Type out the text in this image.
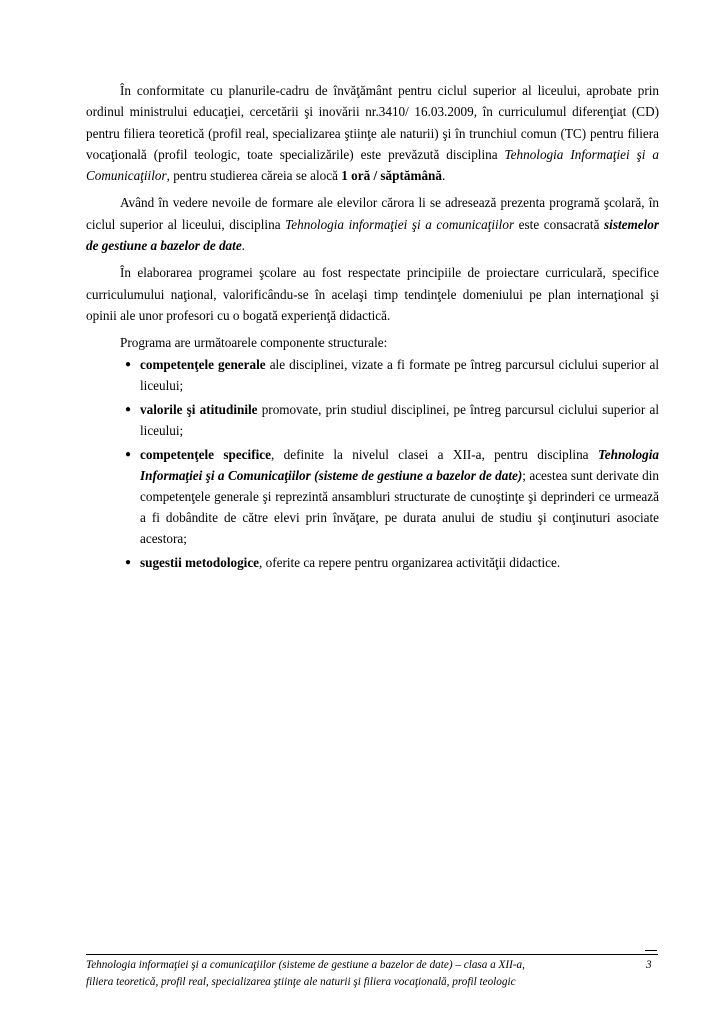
În conformitate cu planurile-cadru de învăţământ pentru ciclul superior al liceului, aprobate prin ordinul ministrului educaţiei, cercetării şi inovării nr.3410/ 16.03.2009, în curriculumul diferenţiat (CD) pentru filiera teoretică (profil real, specializarea ştiinţe ale naturii) şi în trunchiul comun (TC) pentru filiera vocaţională (profil teologic, toate specializările) este prevăzută disciplina Tehnologia Informaţiei şi a Comunicaţiilor, pentru studierea căreia se alocă 1 oră / săptămână.

Având în vedere nevoile de formare ale elevilor cărora li se adresează prezenta programă şcolară, în ciclul superior al liceului, disciplina Tehnologia informaţiei şi a comunicaţiilor este consacrată sistemelor de gestiune a bazelor de date.

În elaborarea programei şcolare au fost respectate principiile de proiectare curriculară, specifice curriculumului naţional, valorificându-se în acelaşi timp tendinţele domeniului pe plan internaţional şi opinii ale unor profesori cu o bogată experienţă didactică.

Programa are următoarele componente structurale:

● competenţele generale ale disciplinei, vizate a fi formate pe întreg parcursul ciclului superior al liceului;
● valorile şi atitudinile promovate, prin studiul disciplinei, pe întreg parcursul ciclului superior al liceului;
● competenţele specifice, definite la nivelul clasei a XII-a, pentru disciplina Tehnologia Informaţiei şi a Comunicaţiilor (sisteme de gestiune a bazelor de date); acestea sunt derivate din competenţele generale şi reprezintă ansambluri structurate de cunoştinţe şi deprinderi ce urmează a fi dobândite de către elevi prin învăţare, pe durata anului de studiu şi conţinuturi asociate acestora;
● sugestii metodologice, oferite ca repere pentru organizarea activităţii didactice.
Tehnologia informaţiei şi a comunicaţiilor (sisteme de gestiune a bazelor de date) – clasa a XII-a,
filiera teoretică, profil real, specializarea ştiinţe ale naturii şi filiera vocaţională, profil teologic
3
